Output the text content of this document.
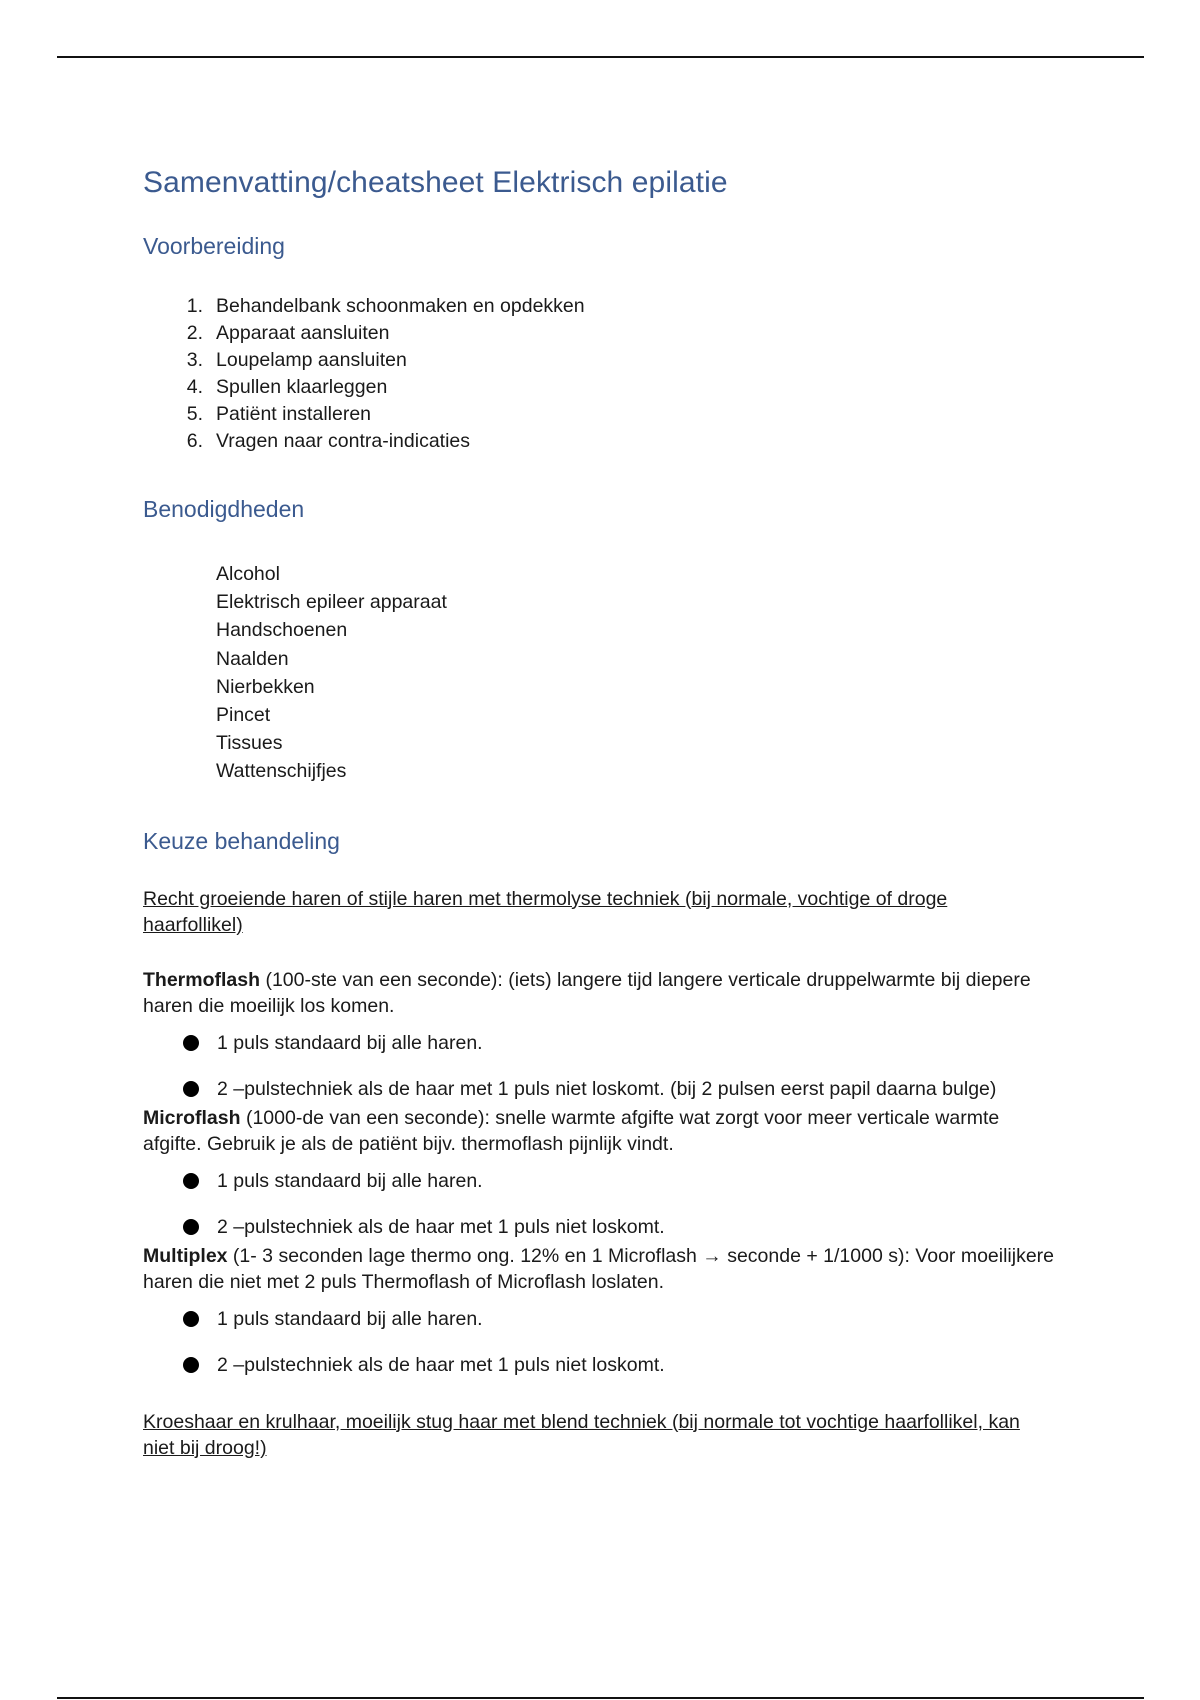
Samenvatting/cheatsheet Elektrisch epilatie
Voorbereiding
1. Behandelbank schoonmaken en opdekken
2. Apparaat aansluiten
3. Loupelamp aansluiten
4. Spullen klaarleggen
5. Patiënt installeren
6. Vragen naar contra-indicaties
Benodigdheden
Alcohol
Elektrisch epileer apparaat
Handschoenen
Naalden
Nierbekken
Pincet
Tissues
Wattenschijfjes
Keuze behandeling

Recht groeiende haren of stijle haren met thermolyse techniek (bij normale, vochtige of droge haarfollikel)

Thermoflash (100-ste van een seconde): (iets) langere tijd langere verticale druppelwarmte bij diepere haren die moeilijk los komen.

1 puls standaard bij alle haren.
2 –pulstechniek als de haar met 1 puls niet loskomt. (bij 2 pulsen eerst papil daarna bulge)

Microflash (1000-de van een seconde): snelle warmte afgifte wat zorgt voor meer verticale warmte afgifte. Gebruik je als de patiënt bijv. thermoflash pijnlijk vindt.

1 puls standaard bij alle haren.
2 –pulstechniek als de haar met 1 puls niet loskomt.

Multiplex (1- 3 seconden lage thermo ong. 12% en 1 Microflash → seconde + 1/1000 s): Voor moeilijkere haren die niet met 2 puls Thermoflash of Microflash loslaten.

1 puls standaard bij alle haren.
2 –pulstechniek als de haar met 1 puls niet loskomt.

Kroeshaar en krulhaar, moeilijk stug haar met blend techniek (bij normale tot vochtige haarfollikel, kan niet bij droog!)
